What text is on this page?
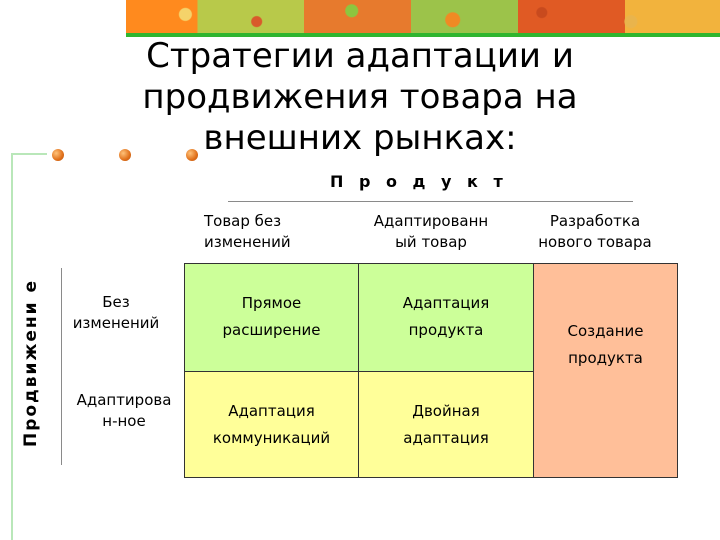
Стратегии адаптации и
продвижения товара на
внешних рынках:
П р о д у к т
Товар без
изменений
Адаптированн
ый товар
Разработка
нового товара
Продвижени е	Без
изменений
Адаптирова
н-ное
Прямое
расширение
Адаптация
продукта	Создание
продукта
Адаптация
коммуникаций
Двойная
адаптация
